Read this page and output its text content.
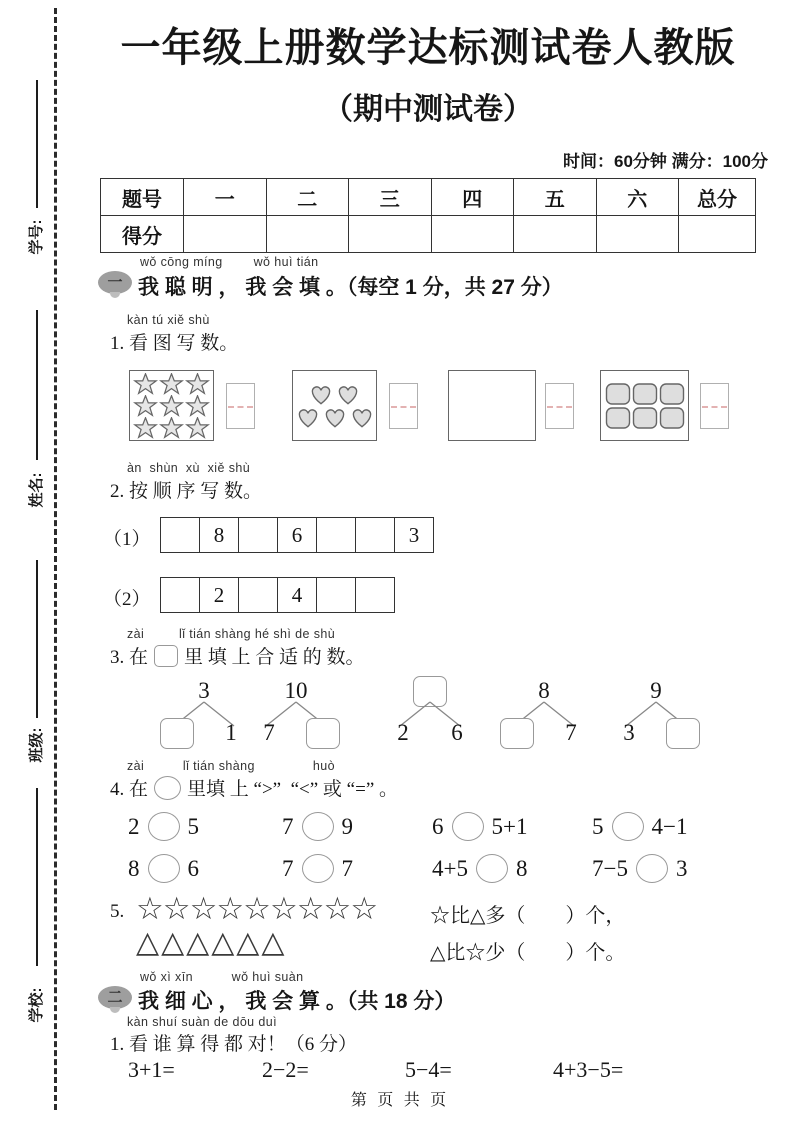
学号:
姓名:
班级:
学校:
一年级上册数学达标测试卷人教版
（期中测试卷）
时间：60分钟 满分：100分
题号	一	二	三	四	五	六	总分
得分							
一
wǒ cōng míng        wǒ huì tián
我 聪 明 ， 我 会 填 。（每空 1 分，共 27 分）
kàn tú xiě shù
1. 看 图 写 数。
àn  shùn  xù  xiě shù
2. 按 顺 序 写 数。
（1）	8	6	3
（2）	2	4
zài         lǐ tián shàng hé shì de shù
3. 在 里 填 上 合 适 的 数。
3
1
10
7	2 6
8
7
9
3
zài          lǐ tián shàng               huò
4. 在 里填 上 “>”  “<” 或 “=” 。
2 5	7 9	6 5+1	5 4−1
8 6	7 7	4+5 8	7−5 3
5. ☆☆☆☆☆☆☆☆☆
△△△△△△
☆比△多（　　）个，
△比☆少（　　）个。
二
wǒ xì xīn          wǒ huì suàn
我 细 心 ， 我 会 算 。（共 18 分）
kàn shuí suàn de dōu duì
1. 看 谁 算 得 都 对！（6 分）
3+1=	2−2=	5−4=	4+3−5=
第 页 共 页
